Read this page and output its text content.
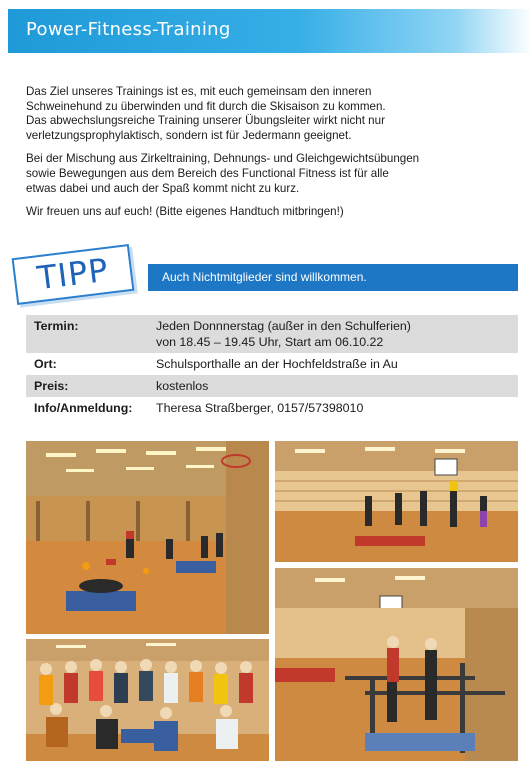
Power-Fitness-Training

Das Ziel unseres Trainings ist es, mit euch gemeinsam den inneren
Schweinehund zu überwinden und fit durch die Skisaison zu kommen.
Das abwechslungsreiche Training unserer Übungsleiter wirkt nicht nur
verletzungsprophylaktisch, sondern ist für Jedermann geeignet.

Bei der Mischung aus Zirkeltraining, Dehnungs- und Gleichgewichtsübungen
sowie Bewegungen aus dem Bereich des Functional Fitness ist für alle
etwas dabei und auch der Spaß kommt nicht zu kurz.

Wir freuen uns auf euch! (Bitte eigenes Handtuch mitbringen!)

Auch Nichtmitglieder sind willkommen.
TIPP
Termin:	Jeden Donnnerstag (außer in den Schulferien)
von 18.45 – 19.45 Uhr, Start am 06.10.22
Ort:	Schulsporthalle an der Hochfeldstraße in Au
Preis:	kostenlos
Info/Anmeldung:	Theresa Straßberger, 0157/57398010
